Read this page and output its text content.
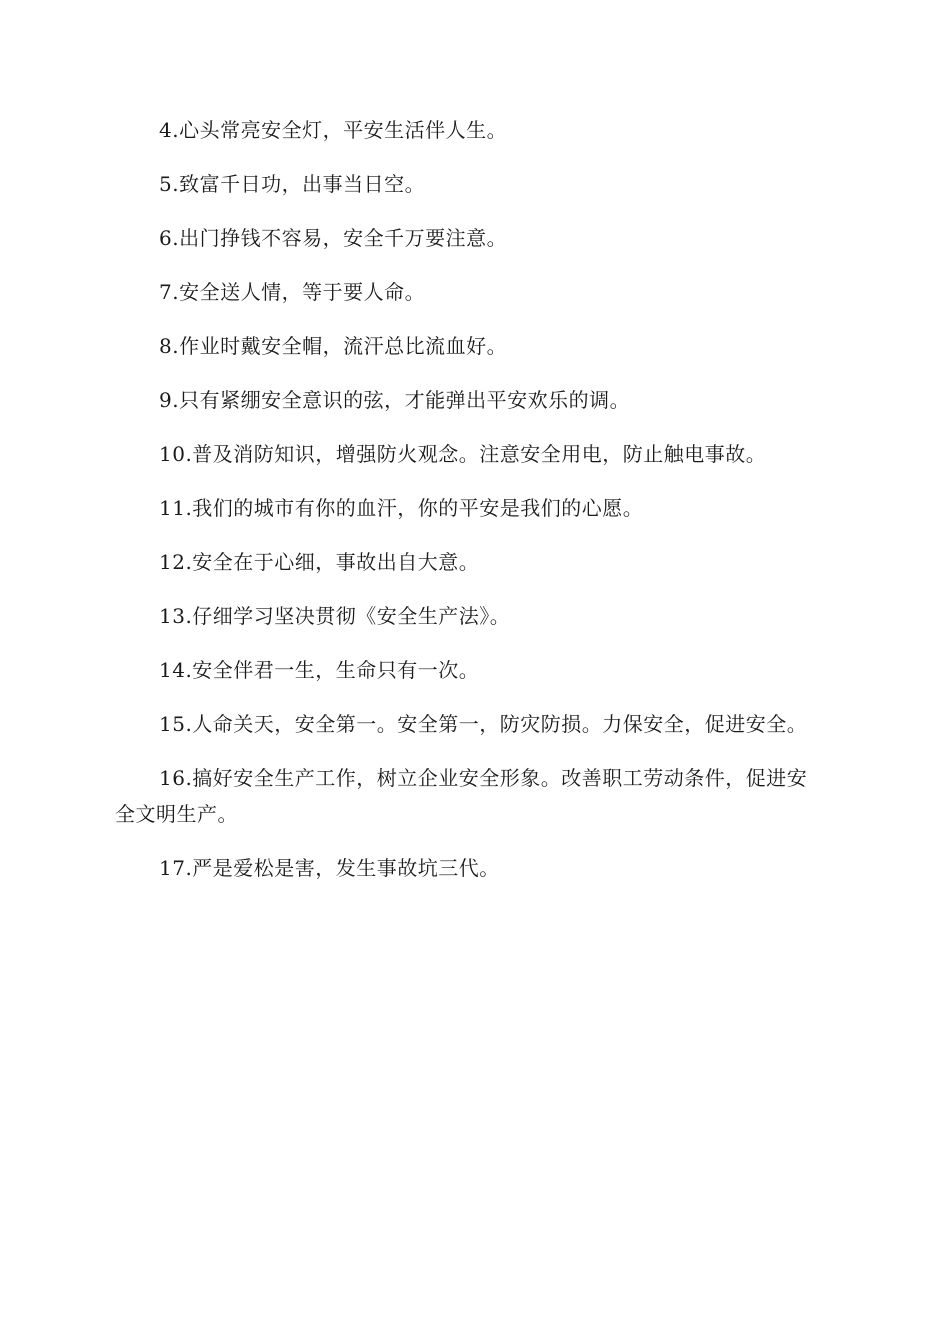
4.心头常亮安全灯，平安生活伴人生。

5.致富千日功，出事当日空。

6.出门挣钱不容易，安全千万要注意。

7.安全送人情，等于要人命。

8.作业时戴安全帽，流汗总比流血好。

9.只有紧绷安全意识的弦，才能弹出平安欢乐的调。

10.普及消防知识，增强防火观念。注意安全用电，防止触电事故。

11.我们的城市有你的血汗，你的平安是我们的心愿。

12.安全在于心细，事故出自大意。

13.仔细学习坚决贯彻《安全生产法》。

14.安全伴君一生，生命只有一次。

15.人命关天，安全第一。安全第一，防灾防损。力保安全，促进安全。

16.搞好安全生产工作，树立企业安全形象。改善职工劳动条件，促进安全文明生产。

17.严是爱松是害，发生事故坑三代。
